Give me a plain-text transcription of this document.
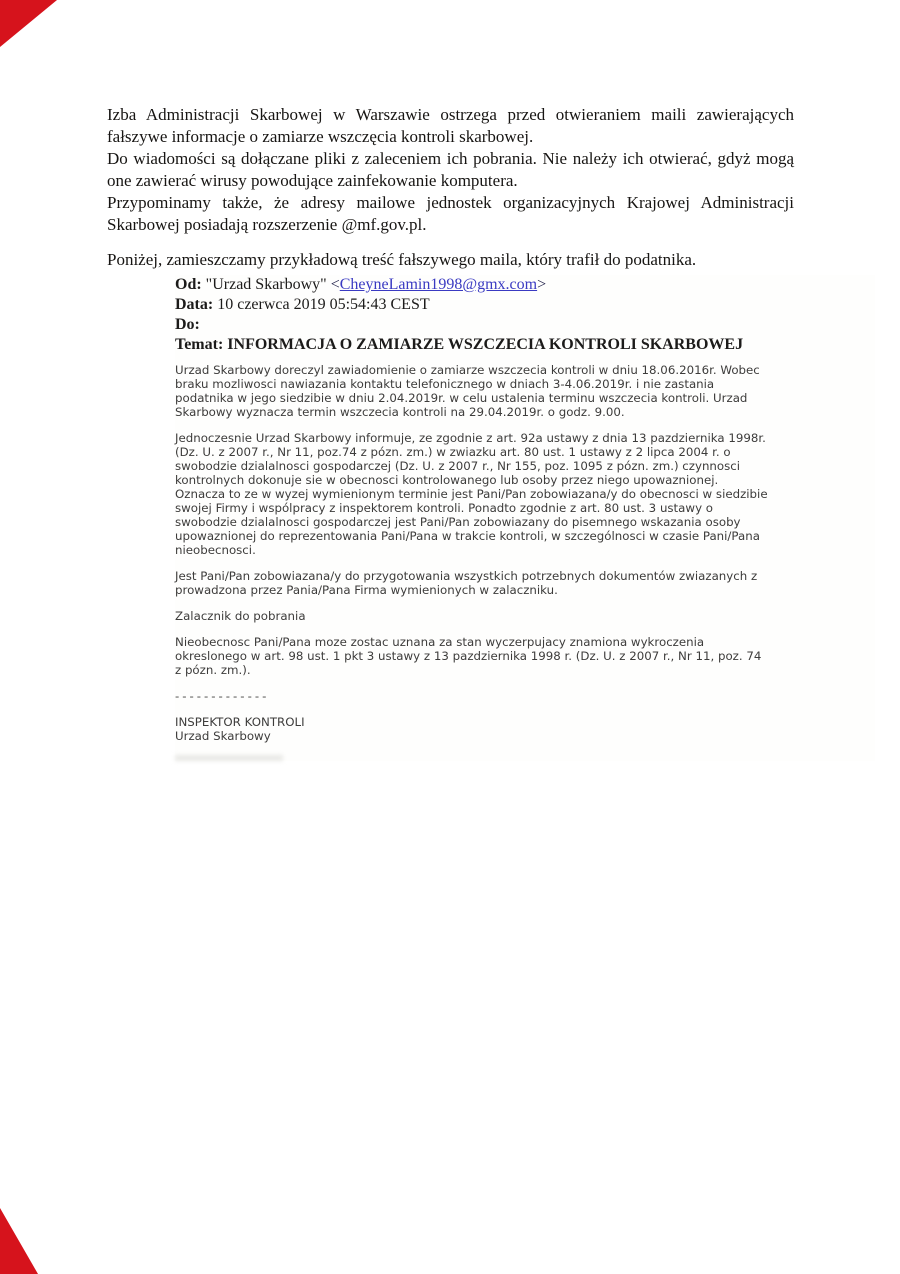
Izba Administracji Skarbowej w Warszawie ostrzega przed otwieraniem maili zawierających
fałszywe informacje o zamiarze wszczęcia kontroli skarbowej.
Do wiadomości są dołączane pliki z zaleceniem ich pobrania. Nie należy ich otwierać, gdyż mogą
one zawierać wirusy powodujące zainfekowanie komputera.
Przypominamy także, że adresy mailowe jednostek organizacyjnych Krajowej Administracji
Skarbowej posiadają rozszerzenie @mf.gov.pl.
Poniżej, zamieszczamy przykładową treść fałszywego maila, który trafił do podatnika.
Od: "Urzad Skarbowy" <CheyneLamin1998@gmx.com>
Data: 10 czerwca 2019 05:54:43 CEST
Do:
Temat: INFORMACJA O ZAMIARZE WSZCZECIA KONTROLI SKARBOWEJ

Urzad Skarbowy doreczyl zawiadomienie o zamiarze wszczecia kontroli w dniu 18.06.2016r. Wobec
braku mozliwosci nawiazania kontaktu telefonicznego w dniach 3-4.06.2019r. i nie zastania
podatnika w jego siedzibie w dniu 2.04.2019r. w celu ustalenia terminu wszczecia kontroli. Urzad
Skarbowy wyznacza termin wszczecia kontroli na 29.04.2019r. o godz. 9.00.

Jednoczesnie Urzad Skarbowy informuje, ze zgodnie z art. 92a ustawy z dnia 13 pazdziernika 1998r.
(Dz. U. z 2007 r., Nr 11, poz.74 z pózn. zm.) w zwiazku art. 80 ust. 1 ustawy z 2 lipca 2004 r. o
swobodzie dzialalnosci gospodarczej (Dz. U. z 2007 r., Nr 155, poz. 1095 z pózn. zm.) czynnosci
kontrolnych dokonuje sie w obecnosci kontrolowanego lub osoby przez niego upowaznionej.
Oznacza to ze w wyzej wymienionym terminie jest Pani/Pan zobowiazana/y do obecnosci w siedzibie
swojej Firmy i wspólpracy z inspektorem kontroli. Ponadto zgodnie z art. 80 ust. 3 ustawy o
swobodzie dzialalnosci gospodarczej jest Pani/Pan zobowiazany do pisemnego wskazania osoby
upowaznionej do reprezentowania Pani/Pana w trakcie kontroli, w szczególnosci w czasie Pani/Pana
nieobecnosci.

Jest Pani/Pan zobowiazana/y do przygotowania wszystkich potrzebnych dokumentów zwiazanych z
prowadzona przez Pania/Pana Firma wymienionych w zalaczniku.

Zalacznik do pobrania

Nieobecnosc Pani/Pana moze zostac uznana za stan wyczerpujacy znamiona wykroczenia
okreslonego w art. 98 ust. 1 pkt 3 ustawy z 13 pazdziernika 1998 r. (Dz. U. z 2007 r., Nr 11, poz. 74
z pózn. zm.).

-------------

INSPEKTOR KONTROLI
Urzad Skarbowy
